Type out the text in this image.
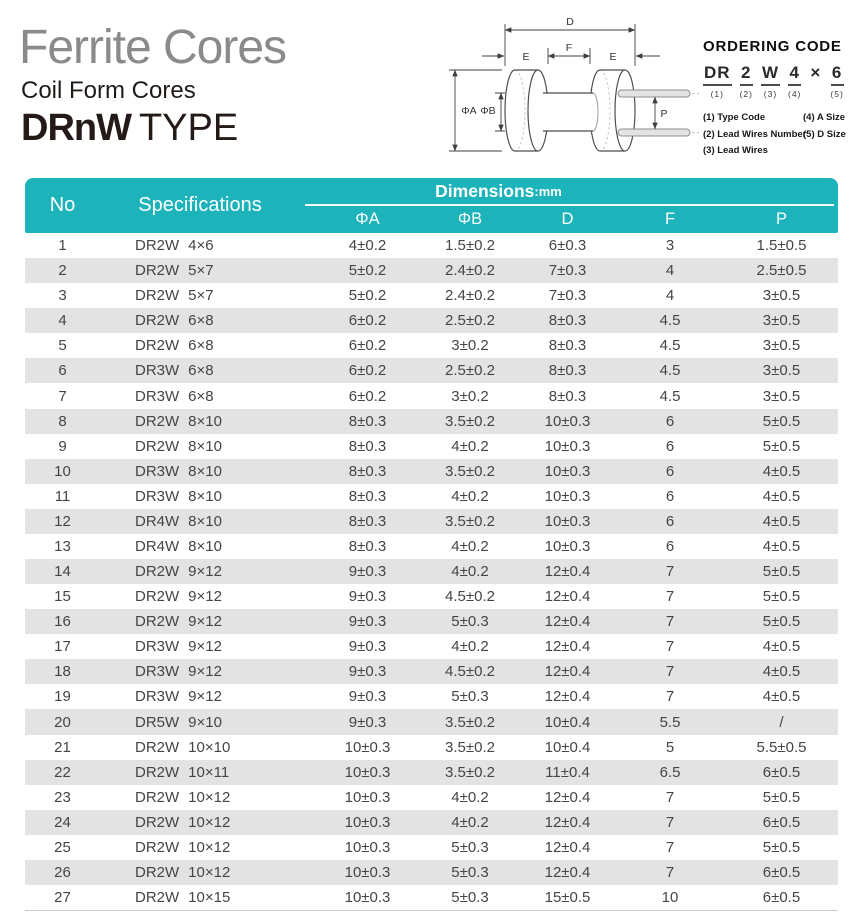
Ferrite Cores
Coil Form Cores
DRnW TYPE
D
E
F
E
ΦA ΦB	P
ORDERING CODE
DR
(1)
2
(2)
W
(3)
4
(4)
× 6
(5)
(1) Type Code
(2) Lead Wires Number
(3) Lead Wires
(4) A Size
(5) D Size
No	Specifications
Dimensions :mm
ΦA	ΦB	D	F	P
1	DR2W 4×6	4±0.2	1.5±0.2	6±0.3	3	1.5±0.5
2	DR2W 5×7	5±0.2	2.4±0.2	7±0.3	4	2.5±0.5
3	DR2W 5×7	5±0.2	2.4±0.2	7±0.3	4	3±0.5
4	DR2W 6×8	6±0.2	2.5±0.2	8±0.3	4.5	3±0.5
5	DR2W 6×8	6±0.2	3±0.2	8±0.3	4.5	3±0.5
6	DR3W 6×8	6±0.2	2.5±0.2	8±0.3	4.5	3±0.5
7	DR3W 6×8	6±0.2	3±0.2	8±0.3	4.5	3±0.5
8	DR2W 8×10	8±0.3	3.5±0.2	10±0.3	6	5±0.5
9	DR2W 8×10	8±0.3	4±0.2	10±0.3	6	5±0.5
10	DR3W 8×10	8±0.3	3.5±0.2	10±0.3	6	4±0.5
11	DR3W 8×10	8±0.3	4±0.2	10±0.3	6	4±0.5
12	DR4W 8×10	8±0.3	3.5±0.2	10±0.3	6	4±0.5
13	DR4W 8×10	8±0.3	4±0.2	10±0.3	6	4±0.5
14	DR2W 9×12	9±0.3	4±0.2	12±0.4	7	5±0.5
15	DR2W 9×12	9±0.3	4.5±0.2	12±0.4	7	5±0.5
16	DR2W 9×12	9±0.3	5±0.3	12±0.4	7	5±0.5
17	DR3W 9×12	9±0.3	4±0.2	12±0.4	7	4±0.5
18	DR3W 9×12	9±0.3	4.5±0.2	12±0.4	7	4±0.5
19	DR3W 9×12	9±0.3	5±0.3	12±0.4	7	4±0.5
20	DR5W 9×10	9±0.3	3.5±0.2	10±0.4	5.5	/
21	DR2W 10×10	10±0.3	3.5±0.2	10±0.4	5	5.5±0.5
22	DR2W 10×11	10±0.3	3.5±0.2	11±0.4	6.5	6±0.5
23	DR2W 10×12	10±0.3	4±0.2	12±0.4	7	5±0.5
24	DR2W 10×12	10±0.3	4±0.2	12±0.4	7	6±0.5
25	DR2W 10×12	10±0.3	5±0.3	12±0.4	7	5±0.5
26	DR2W 10×12	10±0.3	5±0.3	12±0.4	7	6±0.5
27	DR2W 10×15	10±0.3	5±0.3	15±0.5	10	6±0.5
